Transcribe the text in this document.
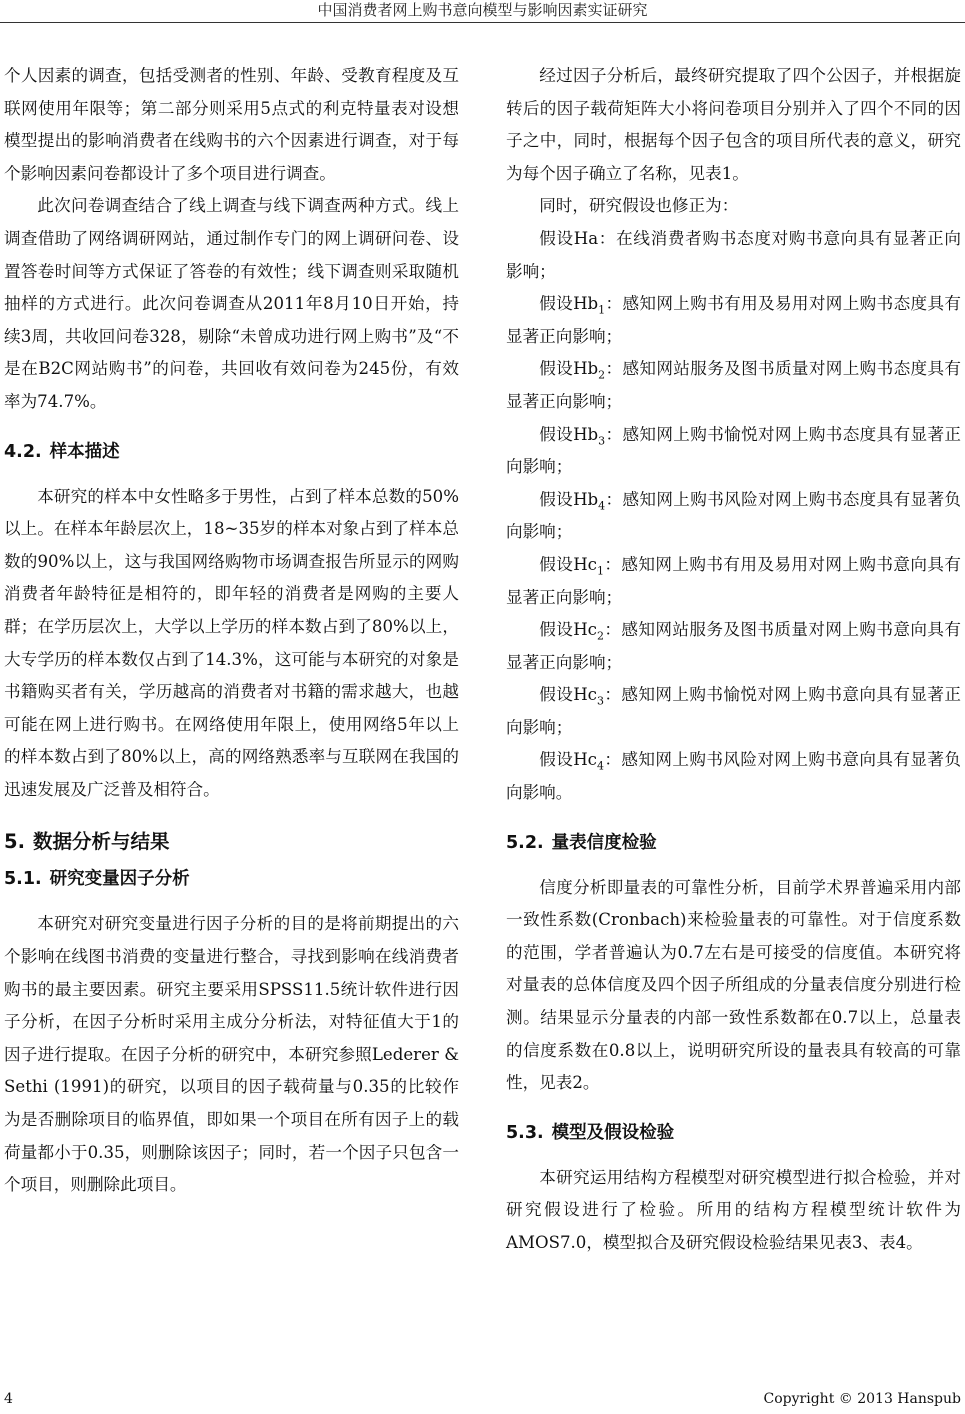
中国消费者网上购书意向模型与影响因素实证研究

个人因素的调查，包括受测者的性别、年龄、受教育程度及互联网使用年限等；第二部分则采用5点式的利克特量表对设想模型提出的影响消费者在线购书的六个因素进行调查，对于每个影响因素问卷都设计了多个项目进行调查。

此次问卷调查结合了线上调查与线下调查两种方式。线上调查借助了网络调研网站，通过制作专门的网上调研问卷、设置答卷时间等方式保证了答卷的有效性；线下调查则采取随机抽样的方式进行。此次问卷调查从2011年8月10日开始，持续3周，共收回问卷328，剔除“未曾成功进行网上购书”及“不是在B2C网站购书”的问卷，共回收有效问卷为245份，有效率为74.7%。

4.2. 样本描述

本研究的样本中女性略多于男性，占到了样本总数的50%以上。在样本年龄层次上，18~35岁的样本对象占到了样本总数的90%以上，这与我国网络购物市场调查报告所显示的网购消费者年龄特征是相符的，即年轻的消费者是网购的主要人群；在学历层次上，大学以上学历的样本数占到了80%以上，大专学历的样本数仅占到了14.3%，这可能与本研究的对象是书籍购买者有关，学历越高的消费者对书籍的需求越大，也越可能在网上进行购书。在网络使用年限上，使用网络5年以上的样本数占到了80%以上，高的网络熟悉率与互联网在我国的迅速发展及广泛普及相符合。

5. 数据分析与结果
5.1. 研究变量因子分析

本研究对研究变量进行因子分析的目的是将前期提出的六个影响在线图书消费的变量进行整合，寻找到影响在线消费者购书的最主要因素。研究主要采用SPSS11.5统计软件进行因子分析，在因子分析时采用主成分分析法，对特征值大于1的因子进行提取。在因子分析的研究中，本研究参照Lederer & Sethi (1991)的研究，以项目的因子载荷量与0.35的比较作为是否删除项目的临界值，即如果一个项目在所有因子上的载荷量都小于0.35，则删除该因子；同时，若一个因子只包含一个项目，则删除此项目。

经过因子分析后，最终研究提取了四个公因子，并根据旋转后的因子载荷矩阵大小将问卷项目分别并入了四个不同的因子之中，同时，根据每个因子包含的项目所代表的意义，研究为每个因子确立了名称，见表1。

同时，研究假设也修正为：

假设Ha：在线消费者购书态度对购书意向具有显著正向影响；

假设$Hb_1$：感知网上购书有用及易用对网上购书态度具有显著正向影响；

假设$Hb_2$：感知网站服务及图书质量对网上购书态度具有显著正向影响；

假设$Hb_3$：感知网上购书愉悦对网上购书态度具有显著正向影响；

假设$Hb_4$：感知网上购书风险对网上购书态度具有显著负向影响；

假设$Hc_1$：感知网上购书有用及易用对网上购书意向具有显著正向影响；

假设$Hc_2$：感知网站服务及图书质量对网上购书意向具有显著正向影响；

假设$Hc_3$：感知网上购书愉悦对网上购书意向具有显著正向影响；

假设$Hc_4$：感知网上购书风险对网上购书意向具有显著负向影响。

5.2. 量表信度检验

信度分析即量表的可靠性分析，目前学术界普遍采用内部一致性系数(Cronbach)来检验量表的可靠性。对于信度系数的范围，学者普遍认为0.7左右是可接受的信度值。本研究将对量表的总体信度及四个因子所组成的分量表信度分别进行检测。结果显示分量表的内部一致性系数都在0.7以上，总量表的信度系数在0.8以上，说明研究所设的量表具有较高的可靠性，见表2。

5.3. 模型及假设检验

本研究运用结构方程模型对研究模型进行拟合检验，并对研究假设进行了检验。所用的结构方程模型统计软件为AMOS7.0，模型拟合及研究假设检验结果见表3、表4。

4	Copyright © 2013 Hanspub
